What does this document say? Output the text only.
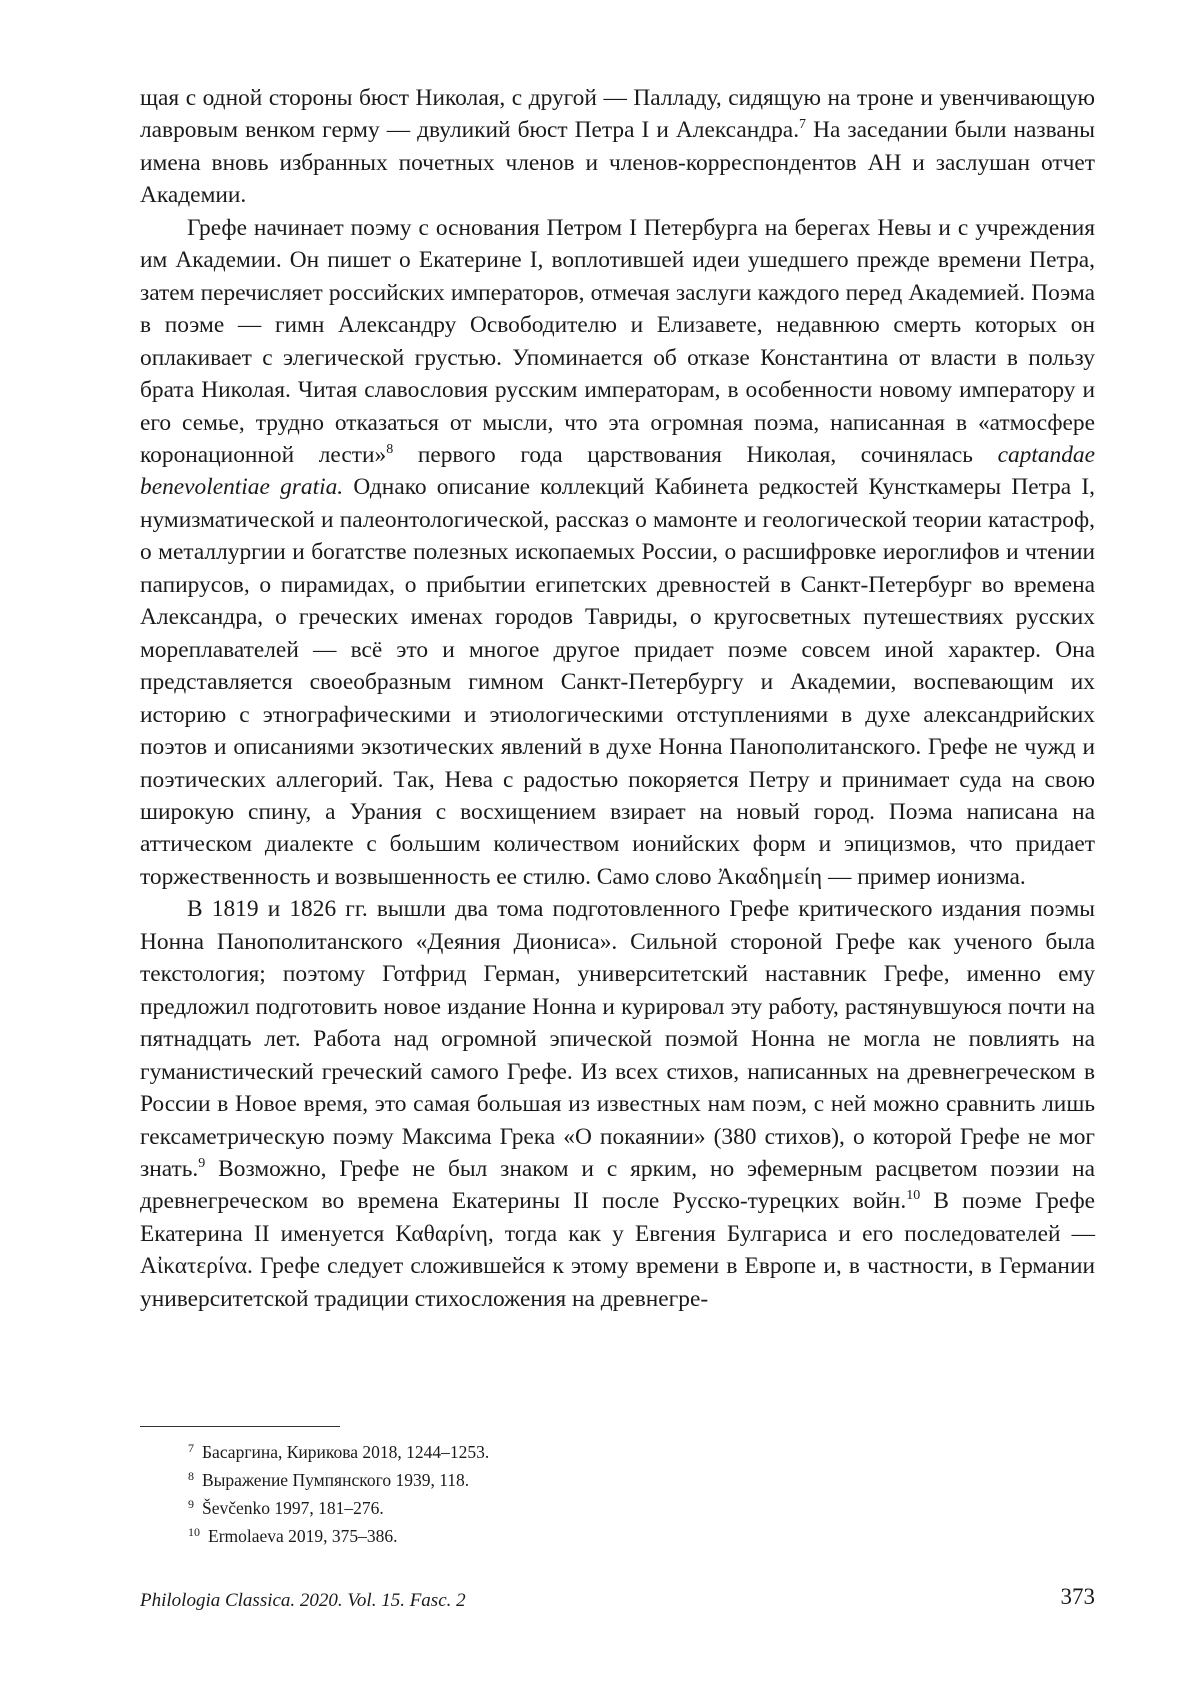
щая с одной стороны бюст Николая, с другой — Палладу, сидящую на троне и увенчивающую лавровым венком герму — двуликий бюст Петра I и Александра.$^7$ На заседании были названы имена вновь избранных почетных членов и членов-корреспондентов АН и заслушан отчет Академии.

Грефе начинает поэму с основания Петром I Петербурга на берегах Невы и с учреждения им Академии. Он пишет о Екатерине I, воплотившей идеи ушедшего прежде времени Петра, затем перечисляет российских императоров, отмечая заслуги каждого перед Академией. Поэма в поэме — гимн Александру Освободителю и Елизавете, недавнюю смерть которых он оплакивает с элегической грустью. Упоминается об отказе Константина от власти в пользу брата Николая. Читая славословия русским императорам, в особенности новому императору и его семье, трудно отказаться от мысли, что эта огромная поэма, написанная в «атмосфере коронационной лести»$^8$ первого года царствования Николая, сочинялась captandae benevolentiae gratia. Однако описание коллекций Кабинета редкостей Кунсткамеры Петра I, нумизматической и палеонтологической, рассказ о мамонте и геологической теории катастроф, о металлургии и богатстве полезных ископаемых России, о расшифровке иероглифов и чтении папирусов, о пирамидах, о прибытии египетских древностей в Санкт-Петербург во времена Александра, о греческих именах городов Тавриды, о кругосветных путешествиях русских мореплавателей — всё это и многое другое придает поэме совсем иной характер. Она представляется своеобразным гимном Санкт-Петербургу и Академии, воспевающим их историю с этнографическими и этиологическими отступлениями в духе александрийских поэтов и описаниями экзотических явлений в духе Нонна Панополитанского. Грефе не чужд и поэтических аллегорий. Так, Нева с радостью покоряется Петру и принимает суда на свою широкую спину, а Урания с восхищением взирает на новый город. Поэма написана на аттическом диалекте с большим количеством ионийских форм и эпицизмов, что придает торжественность и возвышенность ее стилю. Само слово Ἀκαδημείη — пример ионизма.

В 1819 и 1826 гг. вышли два тома подготовленного Грефе критического издания поэмы Нонна Панополитанского «Деяния Диониса». Сильной стороной Грефе как ученого была текстология; поэтому Готфрид Герман, университетский наставник Грефе, именно ему предложил подготовить новое издание Нонна и курировал эту работу, растянувшуюся почти на пятнадцать лет. Работа над огромной эпической поэмой Нонна не могла не повлиять на гуманистический греческий самого Грефе. Из всех стихов, написанных на древнегреческом в России в Новое время, это самая большая из известных нам поэм, с ней можно сравнить лишь гексаметрическую поэму Максима Грека «О покаянии» (380 стихов), о которой Грефе не мог знать.$^9$ Возможно, Грефе не был знаком и с ярким, но эфемерным расцветом поэзии на древнегреческом во времена Екатерины II после Русско-турецких войн.$^{10}$ В поэме Грефе Екатерина II именуется Καθαρίνη, тогда как у Евгения Булгариса и его последователей — Αἰκατερίνα. Грефе следует сложившейся к этому времени в Европе и, в частности, в Германии университетской традиции стихосложения на древнегре-

$^7$ Басаргина, Кирикова 2018, 1244–1253.
$^8$ Выражение Пумпянского 1939, 118.
$^9$ Ševčenko 1997, 181–276.
$^{10}$ Ermolaeva 2019, 375–386.
Philologia Classica. 2020. Vol. 15. Fasc. 2	373
